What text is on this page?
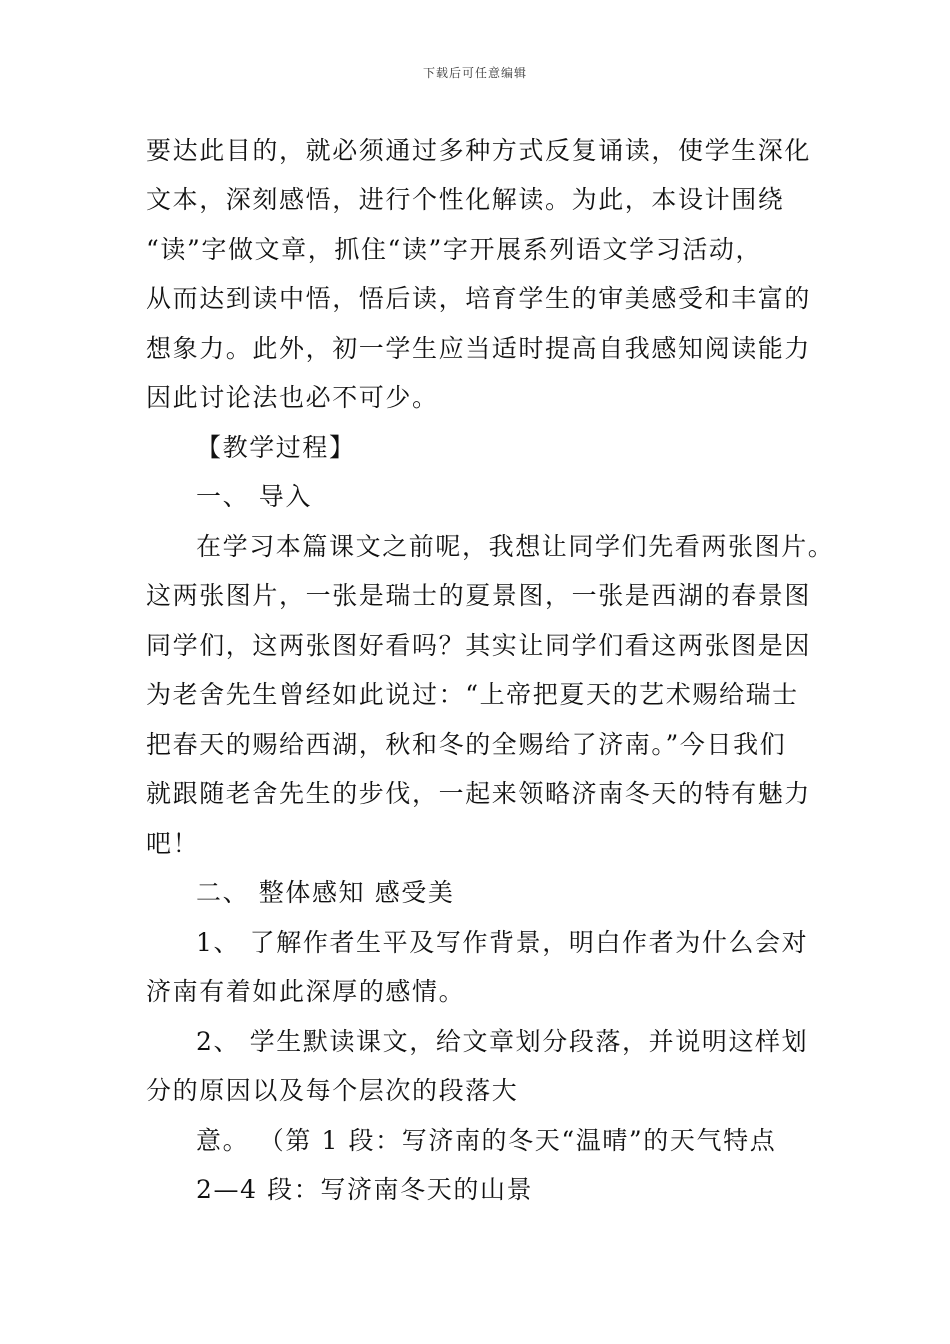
下载后可任意编辑
要达此目的，就必须通过多种方式反复诵读，使学生深化
文本，深刻感悟，进行个性化解读。为此，本设计围绕
“读”字做文章，抓住“读”字开展系列语文学习活动，
从而达到读中悟，悟后读，培育学生的审美感受和丰富的
想象力。此外，初一学生应当适时提高自我感知阅读能力
因此讨论法也必不可少。
【教学过程】
一、 导入
在学习本篇课文之前呢，我想让同学们先看两张图片。
这两张图片，一张是瑞士的夏景图，一张是西湖的春景图
同学们，这两张图好看吗？其实让同学们看这两张图是因
为老舍先生曾经如此说过：“上帝把夏天的艺术赐给瑞士
把春天的赐给西湖，秋和冬的全赐给了济南。”今日我们
就跟随老舍先生的步伐，一起来领略济南冬天的特有魅力
吧！
二、 整体感知 感受美
1、 了解作者生平及写作背景，明白作者为什么会对
济南有着如此深厚的感情。
2、 学生默读课文，给文章划分段落，并说明这样划
分的原因以及每个层次的段落大
意。 （第 1 段：写济南的冬天“温晴”的天气特点
2—4 段：写济南冬天的山景
